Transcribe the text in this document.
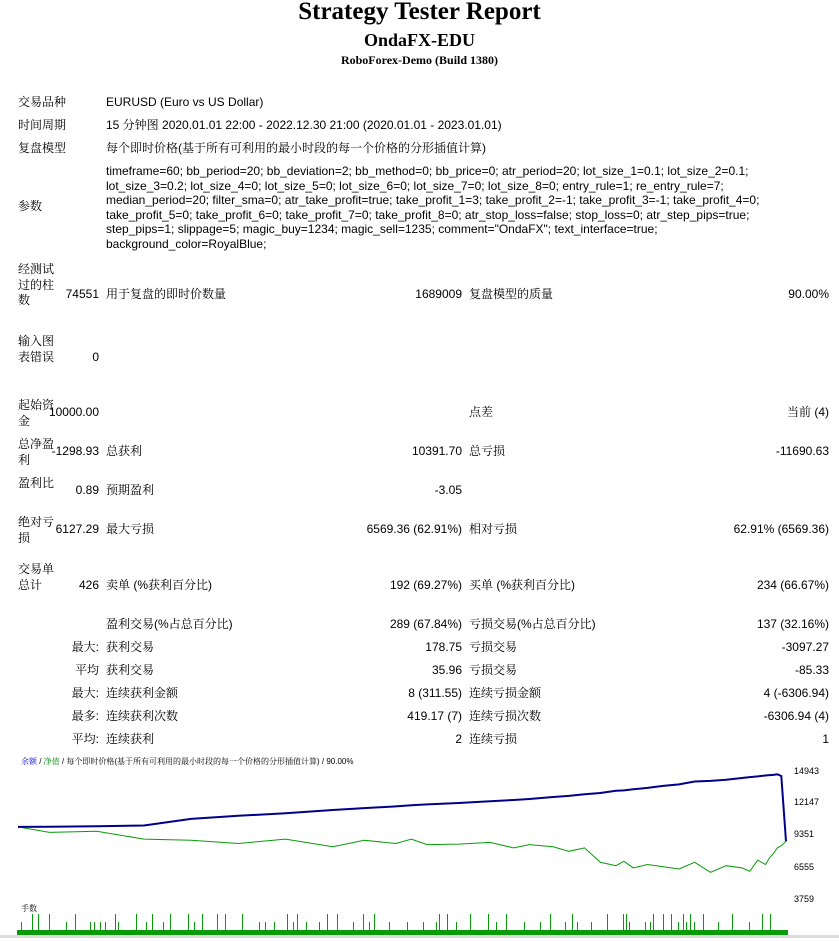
Strategy Tester Report
OndaFX-EDU
RoboForex-Demo (Build 1380)
交易品种	EURUSD (Euro vs US Dollar)
时间周期	15 分钟图 2020.01.01 22:00 - 2022.12.30 21:00 (2020.01.01 - 2023.01.01)
复盘模型	每个即时价格(基于所有可利用的最小时段的每一个价格的分形插值计算)
参数
timeframe=60; bb_period=20; bb_deviation=2; bb_method=0; bb_price=0; atr_period=20; lot_size_1=0.1; lot_size_2=0.1; lot_size_3=0.2; lot_size_4=0; lot_size_5=0; lot_size_6=0; lot_size_7=0; lot_size_8=0; entry_rule=1; re_entry_rule=7; median_period=20; filter_sma=0; atr_take_profit=true; take_profit_1=3; take_profit_2=-1; take_profit_3=-1; take_profit_4=0; take_profit_5=0; take_profit_6=0; take_profit_7=0; take_profit_8=0; atr_stop_loss=false; stop_loss=0; atr_step_pips=true; step_pips=1; slippage=5; magic_buy=1234; magic_sell=1235; comment="OndaFX"; text_interface=true; background_color=RoyalBlue;
经测试过的柱数	74551 用于复盘的即时价数量	1689009 复盘模型的质量	90.00%
输入图表错误	0
起始资金
10000.00	点差	当前 (4)
总净盈利
-1298.93 总获利	10391.70 总亏损	-11690.63
盈利比	0.89 预期盈利	-3.05
绝对亏损
6127.29 最大亏损	6569.36 (62.91%) 相对亏损	62.91% (6569.36)
交易单总计	426 卖单 (%获利百分比)	192 (69.27%) 买单 (%获利百分比)	234 (66.67%)
盈利交易(%占总百分比)	289 (67.84%) 亏损交易(%占总百分比)	137 (32.16%)
最大: 获利交易	178.75 亏损交易	-3097.27
平均 获利交易	35.96 亏损交易	-85.33
最大: 连续获利金额	8 (311.55) 连续亏损金额	4 (-6306.94)
最多: 连续获利次数	419.17 (7) 连续亏损次数	-6306.94 (4)
平均: 连续获利	2 连续亏损	1
余额 / 净值 / 每个即时价格(基于所有可利用的最小时段的每一个价格的分形插值计算) / 90.00%
14943
12147
9351
6555
3759
手数
